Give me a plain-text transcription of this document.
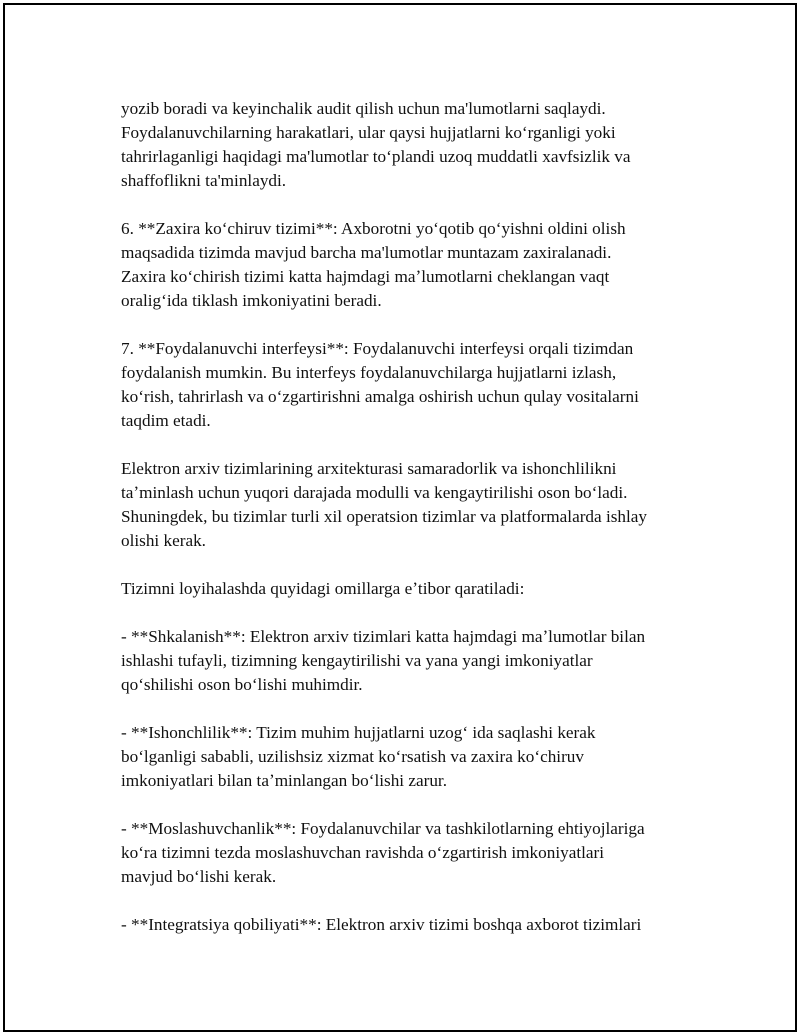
yozib boradi va keyinchalik audit qilish uchun ma'lumotlarni saqlaydi.
Foydalanuvchilarning harakatlari, ular qaysi hujjatlarni koʻrganligi yoki
tahrirlaganligi haqidagi ma'lumotlar toʻplandi uzoq muddatli xavfsizlik va
shaffoflikni ta'minlaydi.

6. **Zaxira koʻchiruv tizimi**: Axborotni yoʻqotib qoʻyishni oldini olish
maqsadida tizimda mavjud barcha ma'lumotlar muntazam zaxiralanadi.
Zaxira koʻchirish tizimi katta hajmdagi maʼlumotlarni cheklangan vaqt
oraligʻida tiklash imkoniyatini beradi.

7. **Foydalanuvchi interfeysi**: Foydalanuvchi interfeysi orqali tizimdan
foydalanish mumkin. Bu interfeys foydalanuvchilarga hujjatlarni izlash,
koʻrish, tahrirlash va oʻzgartirishni amalga oshirish uchun qulay vositalarni
taqdim etadi.

Elektron arxiv tizimlarining arxitekturasi samaradorlik va ishonchlilikni
taʼminlash uchun yuqori darajada modulli va kengaytirilishi oson boʻladi.
Shuningdek, bu tizimlar turli xil operatsion tizimlar va platformalarda ishlay
olishi kerak.

Tizimni loyihalashda quyidagi omillarga eʼtibor qaratiladi:

- **Shkalanish**: Elektron arxiv tizimlari katta hajmdagi maʼlumotlar bilan
ishlashi tufayli, tizimning kengaytirilishi va yana yangi imkoniyatlar
qoʻshilishi oson boʻlishi muhimdir.

- **Ishonchlilik**: Tizim muhim hujjatlarni uzogʻ ida saqlashi kerak
boʻlganligi sababli, uzilishsiz xizmat koʻrsatish va zaxira koʻchiruv
imkoniyatlari bilan taʼminlangan boʻlishi zarur.

- **Moslashuvchanlik**: Foydalanuvchilar va tashkilotlarning ehtiyojlariga
koʻra tizimni tezda moslashuvchan ravishda oʻzgartirish imkoniyatlari
mavjud boʻlishi kerak.

- **Integratsiya qobiliyati**: Elektron arxiv tizimi boshqa axborot tizimlari
